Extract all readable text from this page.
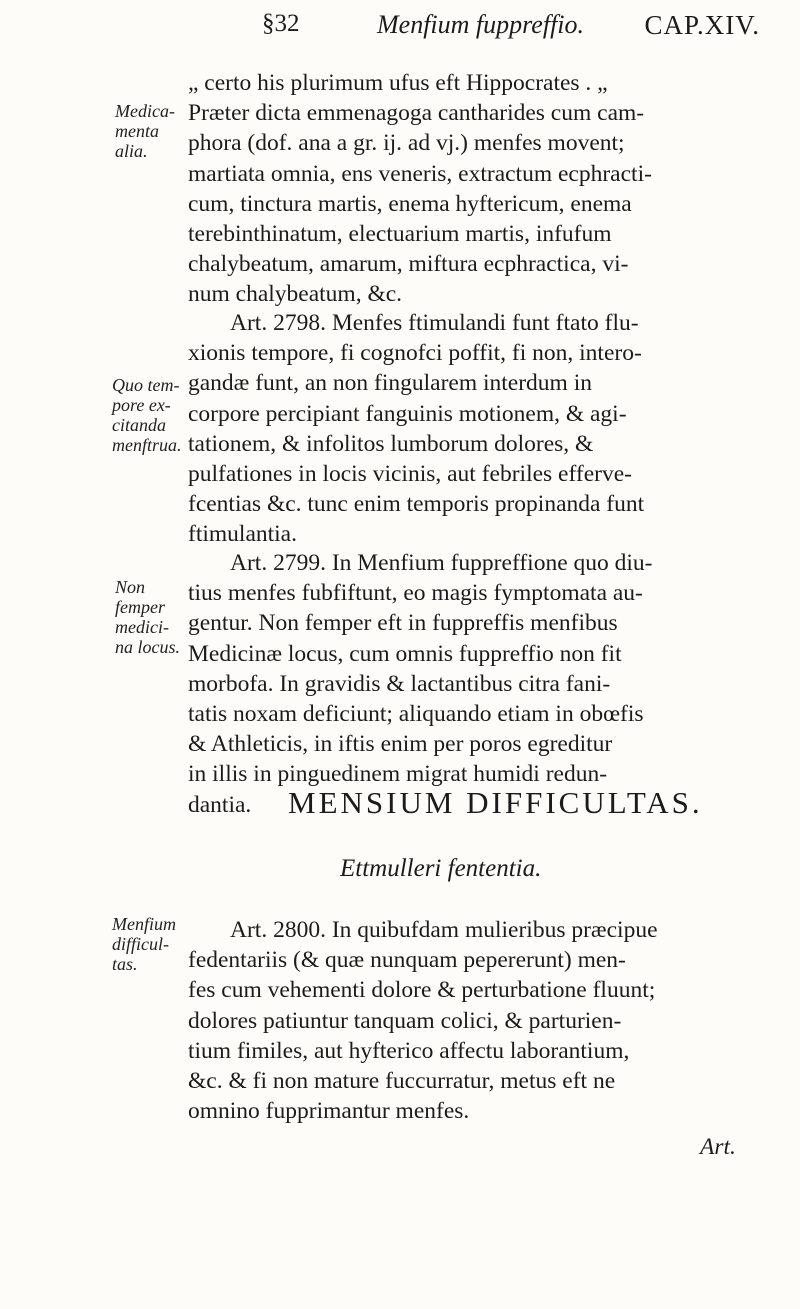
§32	Menfium fuppreffio. CAP.XIV.
Medica-
menta
alia.
Quo tem-
pore ex-
citanda
menftrua.
Non
femper
medici-
na locus.
Menfium
difficul-
tas.
„ certo his plurimum ufus eft Hippocrates . „
Præter dicta emmenagoga cantharides cum cam-
phora (dof. ana a gr. ij. ad vj.) menfes movent;
martiata omnia, ens veneris, extractum ecphracti-
cum, tinctura martis, enema hyftericum, enema
terebinthinatum, electuarium martis, infufum
chalybeatum, amarum, miftura ecphractica, vi-
num chalybeatum, &c.
Art. 2798. Menfes ftimulandi funt ftato flu-
xionis tempore, fi cognofci poffit, fi non, intero-
gandæ funt, an non fingularem interdum in
corpore percipiant fanguinis motionem, & agi-
tationem, & infolitos lumborum dolores, &
pulfationes in locis vicinis, aut febriles efferve-
fcentias &c. tunc enim temporis propinanda funt
ftimulantia.
Art. 2799. In Menfium fuppreffione quo diu-
tius menfes fubfiftunt, eo magis fymptomata au-
gentur. Non femper eft in fuppreffis menfibus
Medicinæ locus, cum omnis fuppreffio non fit
morbofa. In gravidis & lactantibus citra fani-
tatis noxam deficiunt; aliquando etiam in obœfis
& Athleticis, in iftis enim per poros egreditur
in illis in pinguedinem migrat humidi redun-
dantia.	MENSIUM DIFFICULTAS.
Ettmulleri fententia.
Art. 2800. In quibufdam mulieribus præcipue
fedentariis (& quæ nunquam pepererunt) men-
fes cum vehementi dolore & perturbatione fluunt;
dolores patiuntur tanquam colici, & parturien-
tium fimiles, aut hyfterico affectu laborantium,
&c. & fi non mature fuccurratur, metus eft ne
omnino fupprimantur menfes.
Art.
